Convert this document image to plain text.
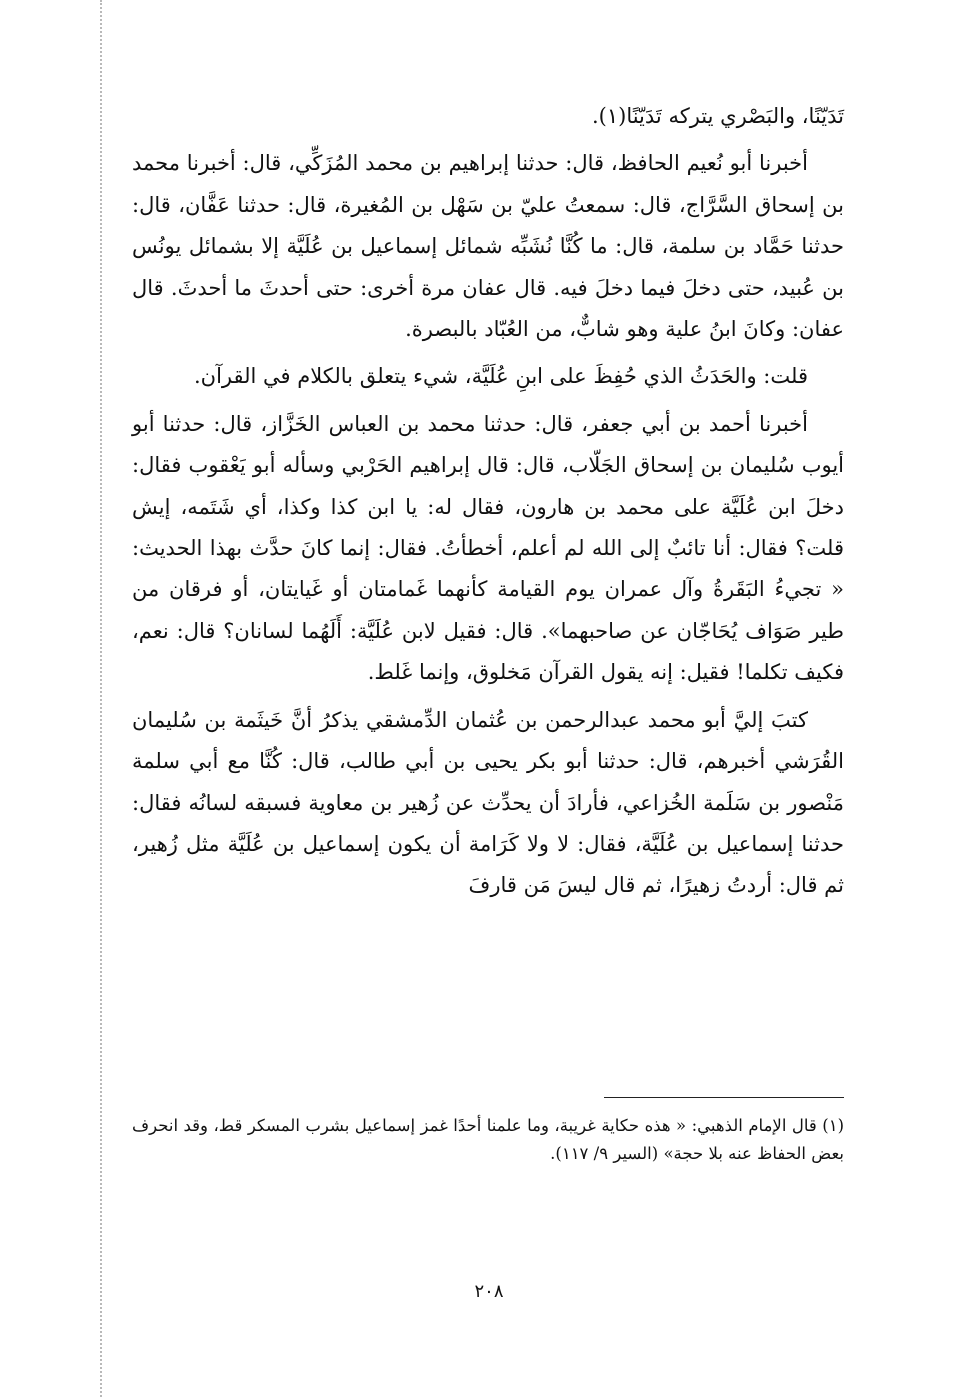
تَدَيّنًا، والبَصْري يتركه تَدَيّنًا(١).

أخبرنا أبو نُعيم الحافظ، قال: حدثنا إبراهيم بن محمد المُزَكِّي، قال: أخبرنا محمد بن إسحاق السَّرَّاج، قال: سمعتُ عليّ بن سَهْل بن المُغيرة، قال: حدثنا عَفَّان، قال: حدثنا حَمَّاد بن سلمة، قال: ما كُنَّا نُشَبِّه شمائل إسماعيل بن عُلَيَّة إلا بشمائل يونُس بن عُبيد، حتى دخلَ فيما دخلَ فيه. قال عفان مرة أخرى: حتى أحدثَ ما أحدثَ. قال عفان: وكانَ ابنُ علية وهو شابٌّ، من العُبّاد بالبصرة.

قلت: والحَدَثُ الذي حُفِظَ على ابنِ عُلَيَّة، شيء يتعلق بالكلام في القرآن.

أخبرنا أحمد بن أبي جعفر، قال: حدثنا محمد بن العباس الخَزَّاز، قال: حدثنا أبو أيوب سُليمان بن إسحاق الجَلّاب، قال: قال إبراهيم الحَرْبي وسأله أبو يَعْقوب فقال: دخلَ ابن عُلَيَّة على محمد بن هارون، فقال له: يا ابن كذا وكذا، أي شَتَمه، إيش قلت؟ فقال: أنا تائبٌ إلى الله لم أعلم، أخطأتُ. فقال: إنما كانَ حدَّث بهذا الحديث: « تجيءُ البَقَرةُ وآل عمران يوم القيامة كأنهما غَمامتان أو غَيايتان، أو فرقان من طير صَوَاف يُحَاجّان عن صاحبهما». قال: فقيل لابن عُلَيَّة: أَلَهُما لسانان؟ قال: نعم، فكيف تكلما! فقيل: إنه يقول القرآن مَخلوق، وإنما غَلط.

كتبَ إليَّ أبو محمد عبدالرحمن بن عُثمان الدِّمشقي يذكرُ أنَّ خَيثَمة بن سُليمان القُرَشي أخبرهم، قال: حدثنا أبو بكر يحيى بن أبي طالب، قال: كُنَّا مع أبي سلمة مَنْصور بن سَلَمة الخُزاعي، فأرادَ أن يحدِّث عن زُهير بن معاوية فسبقه لسانُه فقال: حدثنا إسماعيل بن عُلَيَّة، فقال: لا ولا كَرَامة أن يكون إسماعيل بن عُلَيَّة مثل زُهير، ثم قال: أردتُ زهيرًا، ثم قال ليسَ مَن قارفَ

(١) قال الإمام الذهبي: « هذه حكاية غريبة، وما علمنا أحدًا غمز إسماعيل بشرب المسكر قط، وقد انحرف بعض الحفاظ عنه بلا حجة» (السير ٩/ ١١٧).

٢٠٨
